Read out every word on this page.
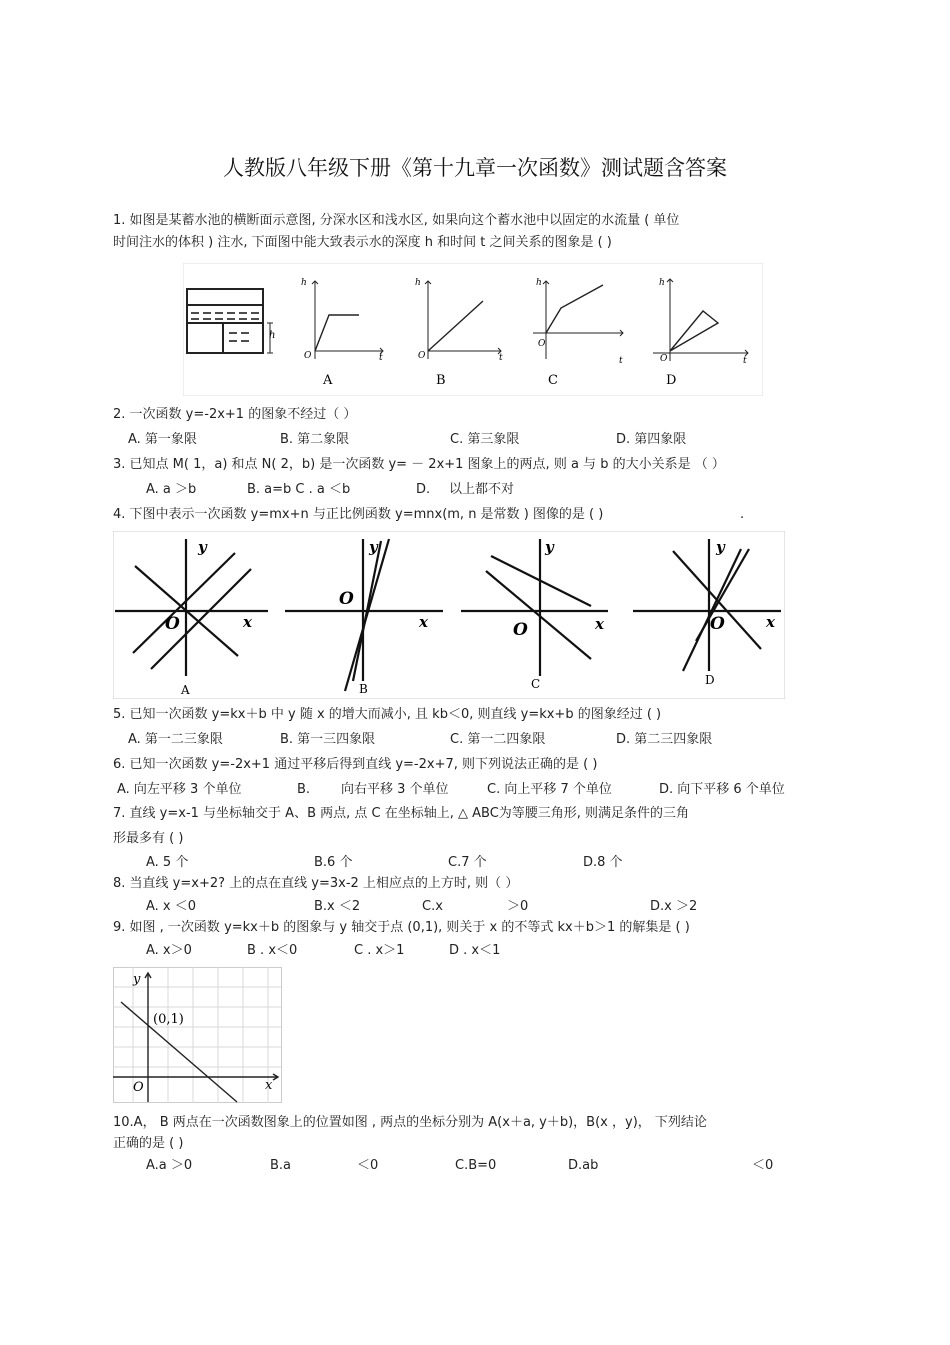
人教版八年级下册《第十九章一次函数》测试题含答案
1. 如图是某蓄水池的横断面示意图, 分深水区和浅水区, 如果向这个蓄水池中以固定的水流量 ( 单位
时间注水的体积 ) 注水, 下面图中能大致表示水的深度 h 和时间 t 之间关系的图象是 ( )
h
h
O	t
A
h
O	t
B
h
O
t
C
h
O	t
D
2. 一次函数 y=-2x+1 的图象不经过（ ）
A. 第一象限	B. 第二象限	C. 第三象限	D. 第四象限
3. 已知点 M( 1，a) 和点 N( 2，b) 是一次函数 y= － 2x+1 图象上的两点, 则 a 与 b 的大小关系是 （ ）
A. a ＞b	B. a=b C . a ＜b	D. 以上都不对
4. 下图中表示一次函数 y=mx+n 与正比例函数 y=mnx(m, n 是常数 ) 图像的是 ( )	.
y
O	x
A
y
O
x
B
y
O	x
C
y
O	x
D
5. 已知一次函数 y=kx＋b 中 y 随 x 的增大而减小, 且 kb＜0, 则直线 y=kx+b 的图象经过 ( )
A. 第一二三象限	B. 第一三四象限	C. 第一二四象限	D. 第二三四象限
6. 已知一次函数 y=-2x+1 通过平移后得到直线 y=-2x+7, 则下列说法正确的是 ( )
A. 向左平移 3 个单位	B. 向右平移 3 个单位	C. 向上平移 7 个单位	D. 向下平移 6 个单位
7. 直线 y=x-1 与坐标轴交于 A、B 两点, 点 C 在坐标轴上, △ ABC为等腰三角形, 则满足条件的三角
形最多有 ( )
A. 5 个	B.6 个	C.7 个	D.8 个
8. 当直线 y=x+2? 上的点在直线 y=3x-2 上相应点的上方时, 则（ ）
A. x ＜0	B.x ＜2	C.x	＞0	D.x ＞2
9. 如图 , 一次函数 y=kx＋b 的图象与 y 轴交于点 (0,1), 则关于 x 的不等式 kx＋b＞1 的解集是 ( )
A. x＞0	B . x＜0	C . x＞1	D . x＜1
y
x
O
(0,1)
10.A， B 两点在一次函数图象上的位置如图 , 两点的坐标分别为 A(x＋a, y＋b)，B(x ，y)， 下列结论
正确的是 ( )
A.a ＞0	B.a	＜0	C.B=0	D.ab	＜0
